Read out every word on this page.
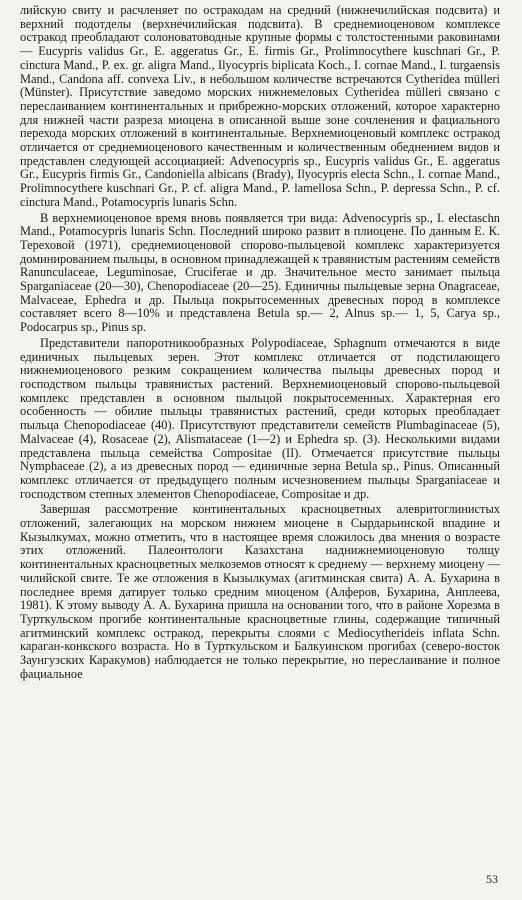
лийскую свиту и расчленяет по остракодам на средний (нижнечилийская подсвита) и верхний подотделы (верхнечилийская подсвита). В среднемиоценовом комплексе остракод преобладают солоноватоводные крупные формы с толстостенными раковинами — Eucypris validus Gr., E. aggeratus Gr., E. firmis Gr., Prolimnocythere kuschnari Gr., P. cinctura Mand., P. ex. gr. aligra Mand., Ilyocypris biplicata Koch., I. cornae Mand., I. turgaensis Mand., Candona aff. convexa Liv., в небольшом количестве встречаются Cytheridea mülleri (Münster). Присутствие заведомо морских нижнемеловых Cytheridea mülleri связано с переслаиванием континентальных и прибрежно-морских отложений, которое характерно для нижней части разреза миоцена в описанной выше зоне сочленения и фациального перехода морских отложений в континентальные. Верхнемиоценовый комплекс остракод отличается от среднемиоценового качественным и количественным обеднением видов и представлен следующей ассоциацией: Advenocypris sp., Eucypris validus Gr., E. aggeratus Gr., Eucypris firmis Gr., Candoniella albicans (Brady), Ilyocypris electa Schn., I. cornae Mand., Prolimnocythere kuschnari Gr., P. cf. aligra Mand., P. lamellosa Schn., P. depressa Schn., P. cf. cinctura Mand., Potamocypris lunaris Schn.

В верхнемиоценовое время вновь появляется три вида: Advenocypris sp., I. electaschn Mand., Potamocypris lunaris Schn. Последний широко развит в плиоцене. По данным Е. К. Тереховой (1971), среднемиоценовой спорово-пыльцевой комплекс характеризуется доминированием пыльцы, в основном принадлежащей к травянистым растениям семейств Ranunculaceae, Leguminosae, Cruciferae и др. Значительное место занимает пыльца Sparganiaceae (20—30), Chenopodiaceae (20—25). Единичны пыльцевые зерна Onagraceae, Malvaceae, Ephedra и др. Пыльца покрытосеменных древесных пород в комплексе составляет всего 8—10% и представлена Betula sp.— 2, Alnus sp.— 1, 5, Carya sp., Podocarpus sp., Pinus sp.

Представители папоротникообразных Polypodiaceae, Sphagnum отмечаются в виде единичных пыльцевых зерен. Этот комплекс отличается от подстилающего нижнемиоценового резким сокращением количества пыльцы древесных пород и господством пыльцы травянистых растений. Верхнемиоценовый спорово-пыльцевой комплекс представлен в основном пыльцой покрытосеменных. Характерная его особенность — обилие пыльцы травянистых растений, среди которых преобладает пыльца Chenopodiaceae (40). Присутствуют представители семейств Plumbaginaceae (5), Malvaceae (4), Rosaceae (2), Alismataceae (1—2) и Ephedra sp. (3). Несколькими видами представлена пыльца семейства Compositae (II). Отмечается присутствие пыльцы Nymphaceae (2), а из древесных пород — единичные зерна Betula sp., Pinus. Описанный комплекс отличается от предыдущего полным исчезновением пыльцы Sparganiaceae и господством степных элементов Chenopodiaceae, Compositae и др.

Завершая рассмотрение континентальных красноцветных алевритоглинистых отложений, залегающих на морском нижнем миоцене в Сырдарьинской впадине и Кызылкумах, можно отметить, что в настоящее время сложилось два мнения о возрасте этих отложений. Палеонтологи Казахстана наднижнемиоценовую толщу континентальных красноцветных мелкоземов относят к среднему — верхнему миоцену — чилийской свите. Те же отложения в Кызылкумах (агитминская свита) А. А. Бухарина в последнее время датирует только средним миоценом (Алферов, Бухарина, Анплеева, 1981). К этому выводу А. А. Бухарина пришла на основании того, что в районе Хорезма в Турткульском прогибе континентальные красноцветные глины, содержащие типичный агитминский комплекс остракод, перекрыты слоями с Mediocytherideis inflata Schn. караган-конкского возраста. Но в Турткульском и Балкуинском прогибах (северо-восток Заунгузских Каракумов) наблюдается не только перекрытие, но переслаивание и полное фациальное

53
